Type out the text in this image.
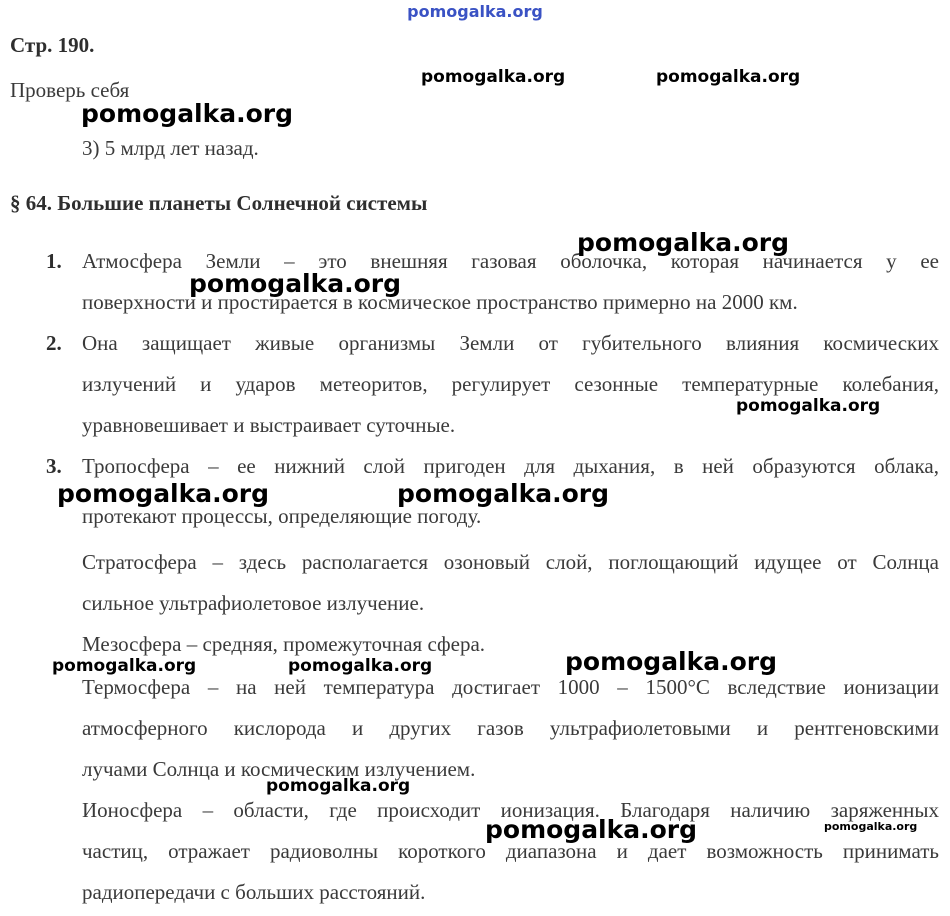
pomogalka.org
Стр. 190.
Проверь себя
3) 5 млрд лет назад.
§ 64. Большие планеты Солнечной системы
1. Атмосфера Земли – это внешняя газовая оболочка, которая начинается у ее
поверхности и простирается в космическое пространство примерно на 2000 км.
2. Она защищает живые организмы Земли от губительного влияния космических
излучений и ударов метеоритов, регулирует сезонные температурные колебания,
уравновешивает и выстраивает суточные.
3. Тропосфера – ее нижний слой пригоден для дыхания, в ней образуются облака,
протекают процессы, определяющие погоду.
Стратосфера – здесь располагается озоновый слой, поглощающий идущее от Солнца
сильное ультрафиолетовое излучение.
Мезосфера – средняя, промежуточная сфера.
Термосфера – на ней температура достигает 1000 – 1500°С вследствие ионизации
атмосферного кислорода и других газов ультрафиолетовыми и рентгеновскими
лучами Солнца и космическим излучением.
Ионосфера – области, где происходит ионизация. Благодаря наличию заряженных
частиц, отражает радиоволны короткого диапазона и дает возможность принимать
радиопередачи с больших расстояний.
pomogalka.org	pomogalka.org
pomogalka.org
pomogalka.org
pomogalka.org
pomogalka.org
pomogalka.org	pomogalka.org
pomogalka.org	pomogalka.org	pomogalka.org
pomogalka.org
pomogalka.org	pomogalka.org
